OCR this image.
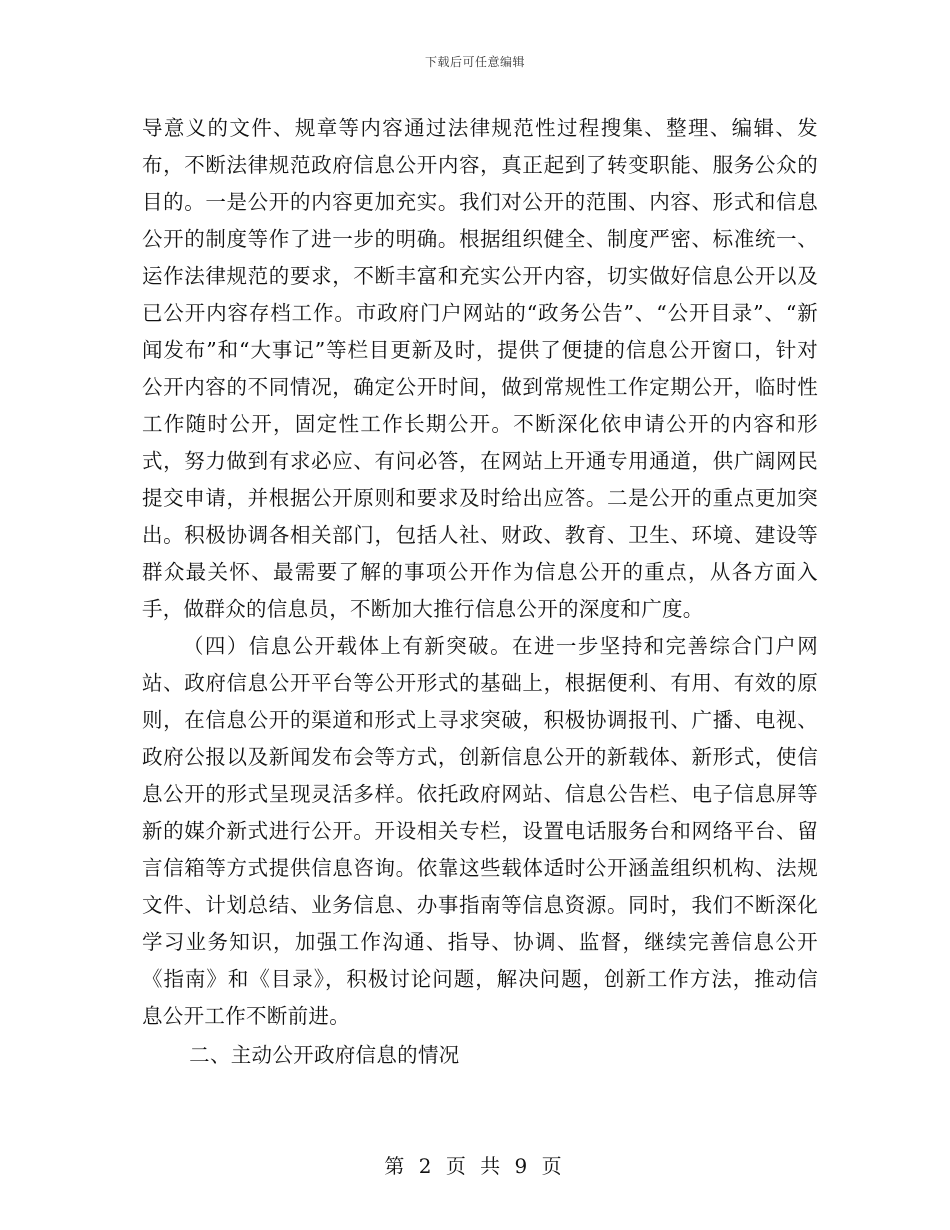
下载后可任意编辑

导意义的文件、规章等内容通过法律规范性过程搜集、整理、编辑、发布，不断法律规范政府信息公开内容，真正起到了转变职能、服务公众的目的。一是公开的内容更加充实。我们对公开的范围、内容、形式和信息公开的制度等作了进一步的明确。根据组织健全、制度严密、标准统一、运作法律规范的要求，不断丰富和充实公开内容，切实做好信息公开以及已公开内容存档工作。市政府门户网站的“政务公告”、“公开目录”、“新闻发布”和“大事记”等栏目更新及时，提供了便捷的信息公开窗口，针对公开内容的不同情况，确定公开时间，做到常规性工作定期公开，临时性工作随时公开，固定性工作长期公开。不断深化依申请公开的内容和形式，努力做到有求必应、有问必答，在网站上开通专用通道，供广阔网民提交申请，并根据公开原则和要求及时给出应答。二是公开的重点更加突出。积极协调各相关部门，包括人社、财政、教育、卫生、环境、建设等群众最关怀、最需要了解的事项公开作为信息公开的重点，从各方面入手，做群众的信息员，不断加大推行信息公开的深度和广度。

（四）信息公开载体上有新突破。在进一步坚持和完善综合门户网站、政府信息公开平台等公开形式的基础上，根据便利、有用、有效的原则，在信息公开的渠道和形式上寻求突破，积极协调报刊、广播、电视、政府公报以及新闻发布会等方式，创新信息公开的新载体、新形式，使信息公开的形式呈现灵活多样。依托政府网站、信息公告栏、电子信息屏等新的媒介新式进行公开。开设相关专栏，设置电话服务台和网络平台、留言信箱等方式提供信息咨询。依靠这些载体适时公开涵盖组织机构、法规文件、计划总结、业务信息、办事指南等信息资源。同时，我们不断深化学习业务知识，加强工作沟通、指导、协调、监督，继续完善信息公开《指南》和《目录》，积极讨论问题，解决问题，创新工作方法，推动信息公开工作不断前进。

二、主动公开政府信息的情况

第 2 页 共 9 页
